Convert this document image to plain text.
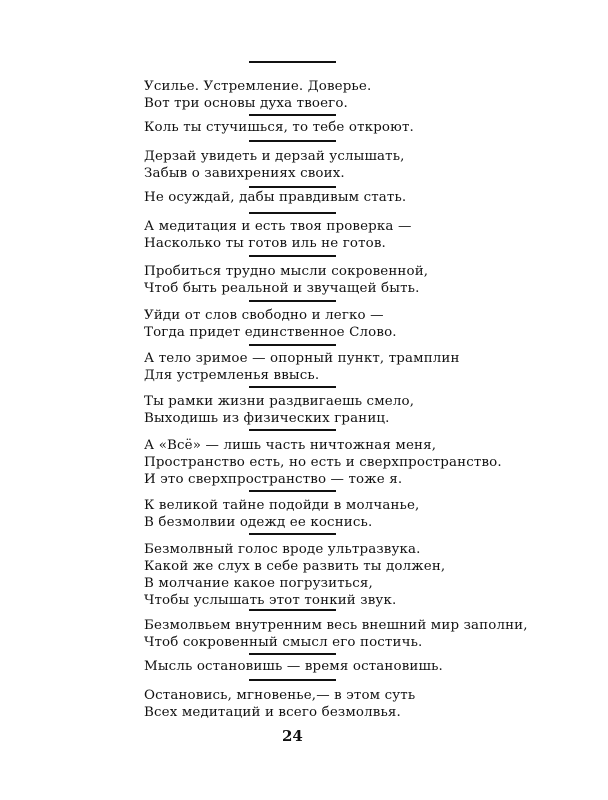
Усилье. Устремление. Доверье.
Вот три основы духа твоего.
Коль ты стучишься, то тебе откроют.
Дерзай увидеть и дерзай услышать,
Забыв о завихрениях своих.
Не осуждай, дабы правдивым стать.
А медитация и есть твоя проверка —
Насколько ты готов иль не готов.
Пробиться трудно мысли сокровенной,
Чтоб быть реальной и звучащей быть.
Уйди от слов свободно и легко —
Тогда придет единственное Слово.
А тело зримое — опорный пункт, трамплин
Для устремленья ввысь.
Ты рамки жизни раздвигаешь смело,
Выходишь из физических границ.
А «Всё» — лишь часть ничтожная меня,
Пространство есть, но есть и сверхпространство.
И это сверхпространство — тоже я.
К великой тайне подойди в молчанье,
В безмолвии одежд ее коснись.
Безмолвный голос вроде ультразвука.
Какой же слух в себе развить ты должен,
В молчание какое погрузиться,
Чтобы услышать этот тонкий звук.
Безмолвьем внутренним весь внешний мир заполни,
Чтоб сокровенный смысл его постичь.
Мысль остановишь — время остановишь.
Остановись, мгновенье,— в этом суть
Всех медитаций и всего безмолвья.
24
